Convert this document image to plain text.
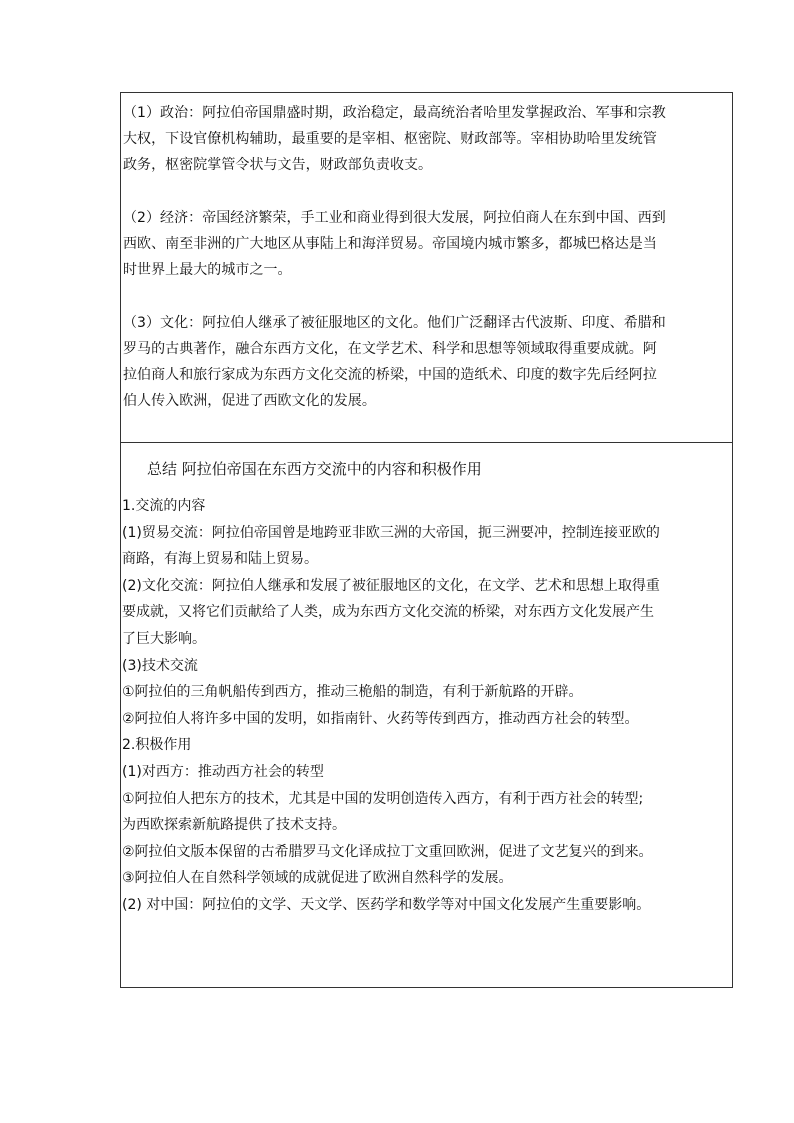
（1）政治：阿拉伯帝国鼎盛时期，政治稳定，最高统治者哈里发掌握政治、军事和宗教
大权，下设官僚机构辅助，最重要的是宰相、枢密院、财政部等。宰相协助哈里发统管
政务，枢密院掌管令状与文告，财政部负责收支。
（2）经济：帝国经济繁荣，手工业和商业得到很大发展，阿拉伯商人在东到中国、西到
西欧、南至非洲的广大地区从事陆上和海洋贸易。帝国境内城市繁多，都城巴格达是当
时世界上最大的城市之一。
（3）文化：阿拉伯人继承了被征服地区的文化。他们广泛翻译古代波斯、印度、希腊和
罗马的古典著作，融合东西方文化，在文学艺术、科学和思想等领域取得重要成就。阿
拉伯商人和旅行家成为东西方文化交流的桥梁，中国的造纸术、印度的数字先后经阿拉
伯人传入欧洲，促进了西欧文化的发展。
总结 阿拉伯帝国在东西方交流中的内容和积极作用
1.交流的内容
(1)贸易交流：阿拉伯帝国曾是地跨亚非欧三洲的大帝国，扼三洲要冲，控制连接亚欧的
商路，有海上贸易和陆上贸易。
(2)文化交流：阿拉伯人继承和发展了被征服地区的文化，在文学、艺术和思想上取得重
要成就，又将它们贡献给了人类，成为东西方文化交流的桥梁，对东西方文化发展产生
了巨大影响。
(3)技术交流
①阿拉伯的三角帆船传到西方，推动三桅船的制造，有利于新航路的开辟。
②阿拉伯人将许多中国的发明，如指南针、火药等传到西方，推动西方社会的转型。
2.积极作用
(1)对西方：推动西方社会的转型
①阿拉伯人把东方的技术，尤其是中国的发明创造传入西方，有利于西方社会的转型;
为西欧探索新航路提供了技术支持。
②阿拉伯文版本保留的古希腊罗马文化译成拉丁文重回欧洲，促进了文艺复兴的到来。
③阿拉伯人在自然科学领域的成就促进了欧洲自然科学的发展。
(2) 对中国：阿拉伯的文学、天文学、医药学和数学等对中国文化发展产生重要影响。
